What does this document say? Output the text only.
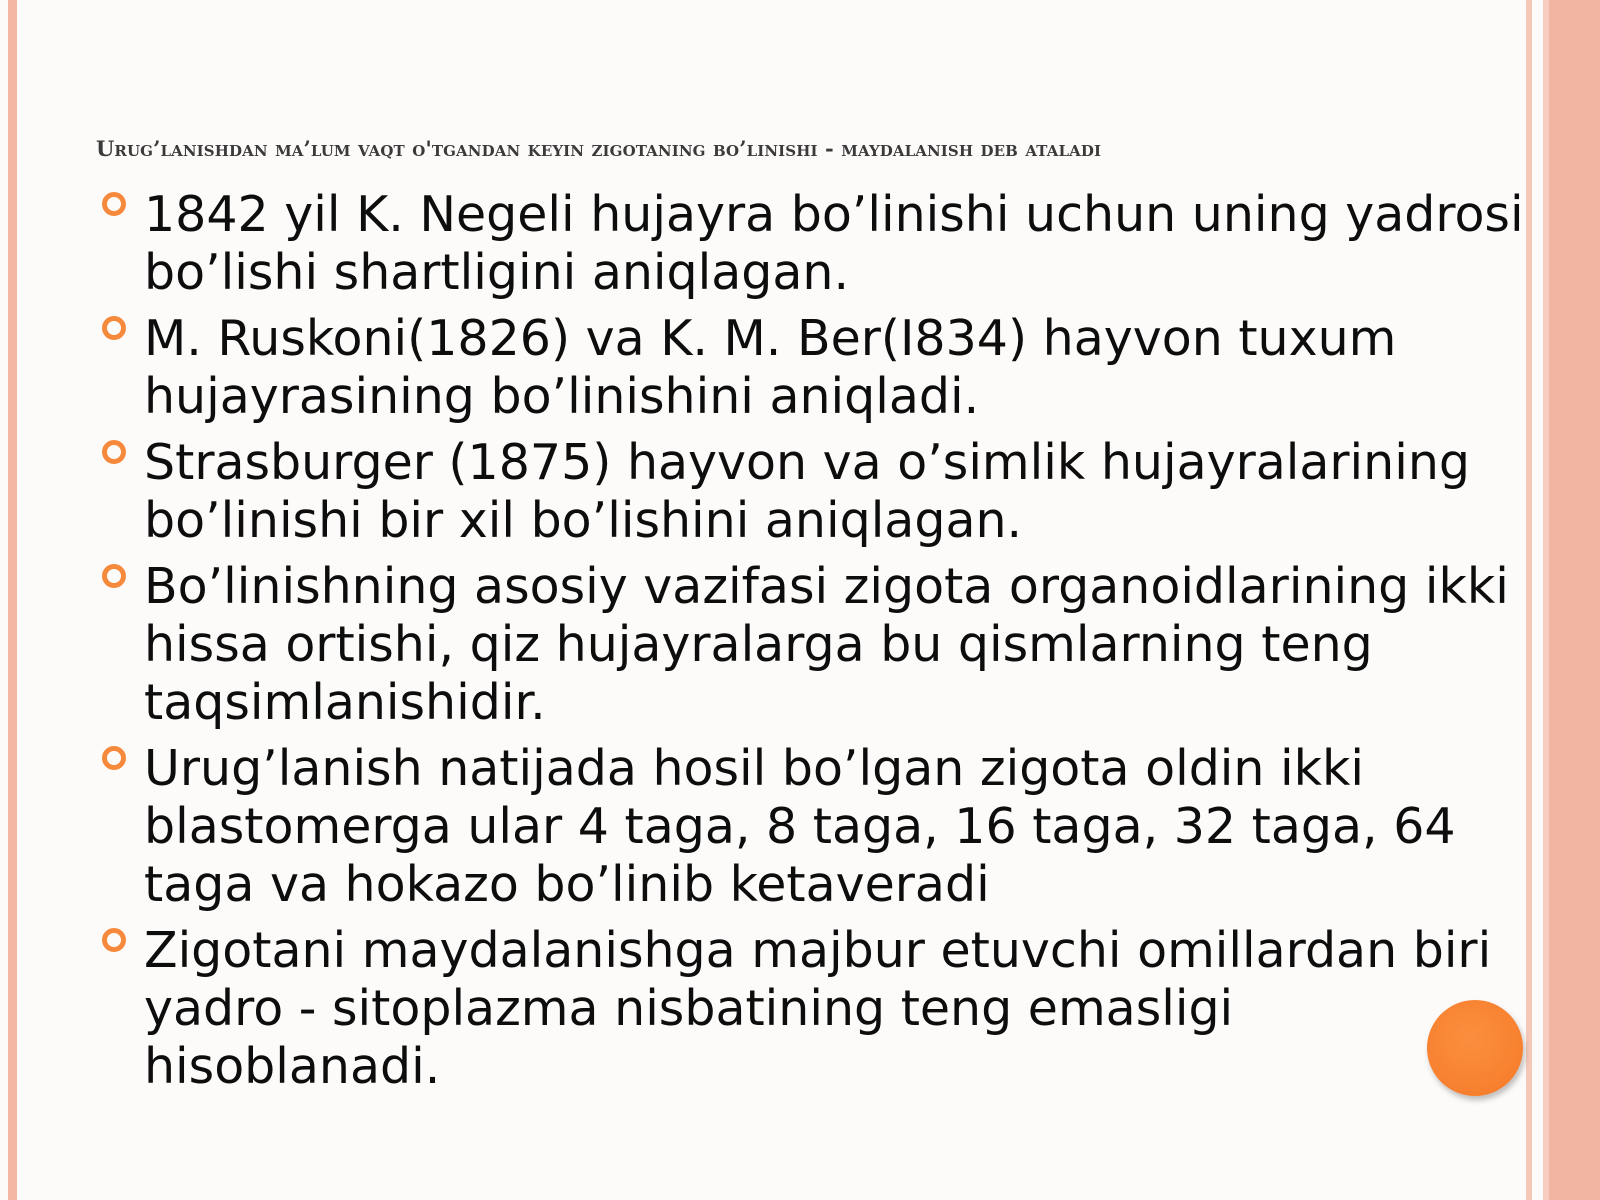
Urug’lanishdan ma’lum vaqt o'tgandan keyin zigotaning bo’linishi - maydalanish deb ataladi
1842 yil K. Negeli hujayra bo’linishi uchun uning yadrosi bo’lishi shartligini aniqlagan.
M. Ruskoni(1826) va K. M. Ber(I834) hayvon tuxum hujayrasining bo’linishini aniqladi.
Strasburger (1875) hayvon va o’simlik hujayralarining bo’linishi bir xil bo’lishini aniqlagan.
Bo’linishning asosiy vazifasi zigota organoidlarining ikki hissa ortishi, qiz hujayralarga bu qismlarning teng taqsimlanishidir.
Urug’lanish natijada hosil bo’lgan zigota oldin ikki blastomerga ular 4 taga, 8 taga, 16 taga, 32 taga, 64 taga va hokazo bo’linib ketaveradi
Zigotani maydalanishga majbur etuvchi omillardan biri yadro - sitoplazma nisbatining teng emasligi hisoblanadi.
